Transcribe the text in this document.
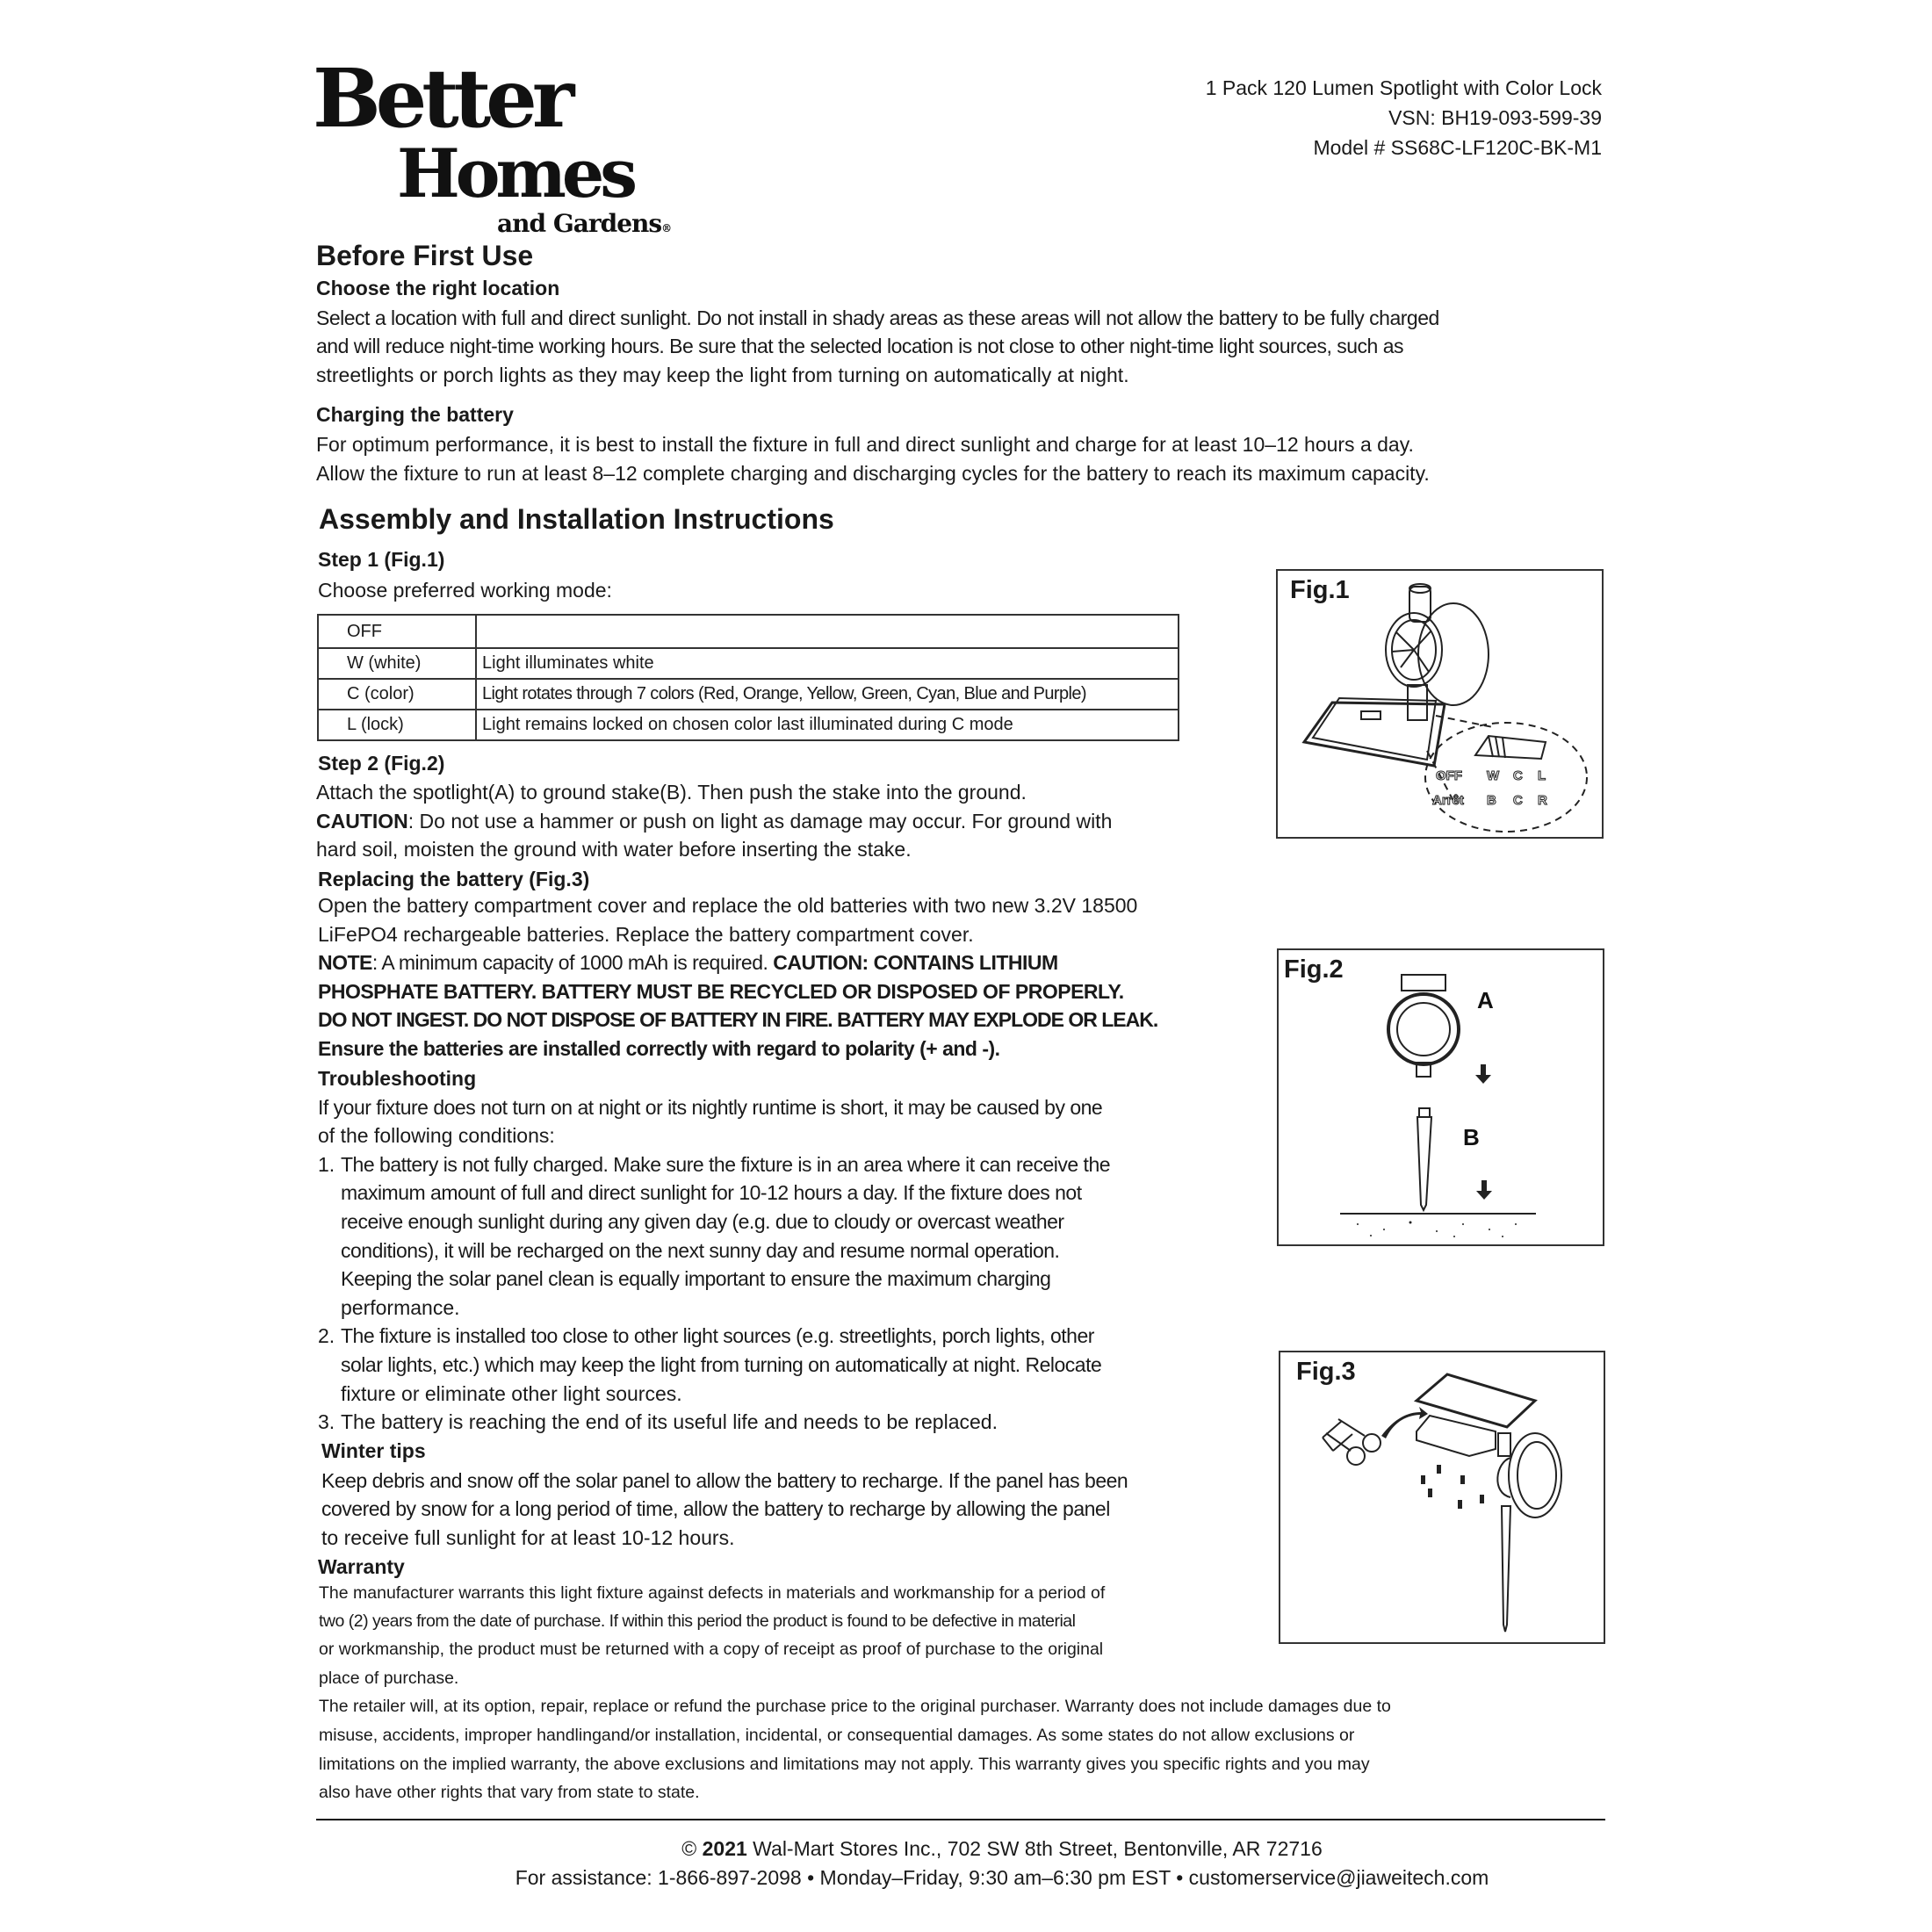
Better
Homes
and Gardens®
1 Pack 120 Lumen Spotlight with Color Lock
VSN: BH19-093-599-39
Model # SS68C-LF120C-BK-M1
Before First Use
Choose the right location
Select a location with full and direct sunlight. Do not install in shady areas as these areas will not allow the battery to be fully charged
and will reduce night-time working hours. Be sure that the selected location is not close to other night-time light sources, such as
streetlights or porch lights as they may keep the light from turning on automatically at night.
Charging the battery
For optimum performance, it is best to install the fixture in full and direct sunlight and charge for at least 10–12 hours a day.
Allow the fixture to run at least 8–12 complete charging and discharging cycles for the battery to reach its maximum capacity.
Assembly and Installation Instructions
Step 1 (Fig.1)
Choose preferred working mode:
OFF	
W (white)	Light illuminates white
C (color)	Light rotates through 7 colors (Red, Orange, Yellow, Green, Cyan, Blue and Purple)
L (lock)	Light remains locked on chosen color last illuminated during C mode
Step 2 (Fig.2)
Attach the spotlight(A) to ground stake(B). Then push the stake into the ground.
CAUTION: Do not use a hammer or push on light as damage may occur. For ground with
hard soil, moisten the ground with water before inserting the stake.
Replacing the battery (Fig.3)
Open the battery compartment cover and replace the old batteries with two new 3.2V 18500
LiFePO4 rechargeable batteries. Replace the battery compartment cover.
NOTE: A minimum capacity of 1000 mAh is required. CAUTION: CONTAINS LITHIUM
PHOSPHATE BATTERY. BATTERY MUST BE RECYCLED OR DISPOSED OF PROPERLY.
DO NOT INGEST. DO NOT DISPOSE OF BATTERY IN FIRE. BATTERY MAY EXPLODE OR LEAK.
Ensure the batteries are installed correctly with regard to polarity (+ and -).
Troubleshooting
If your fixture does not turn on at night or its nightly runtime is short, it may be caused by one
of the following conditions:
1. The battery is not fully charged. Make sure the fixture is in an area where it can receive the
maximum amount of full and direct sunlight for 10-12 hours a day. If the fixture does not
receive enough sunlight during any given day (e.g. due to cloudy or overcast weather
conditions), it will be recharged on the next sunny day and resume normal operation.
Keeping the solar panel clean is equally important to ensure the maximum charging
performance.
2. The fixture is installed too close to other light sources (e.g. streetlights, porch lights, other
solar lights, etc.) which may keep the light from turning on automatically at night. Relocate
fixture or eliminate other light sources.
3. The battery is reaching the end of its useful life and needs to be replaced.
Winter tips
Keep debris and snow off the solar panel to allow the battery to recharge. If the panel has been
covered by snow for a long period of time, allow the battery to recharge by allowing the panel
to receive full sunlight for at least 10-12 hours.
Warranty
The manufacturer warrants this light fixture against defects in materials and workmanship for a period of
two (2) years from the date of purchase. If within this period the product is found to be defective in material
or workmanship, the product must be returned with a copy of receipt as proof of purchase to the original
place of purchase.
The retailer will, at its option, repair, replace or refund the purchase price to the original purchaser. Warranty does not include damages due to
misuse, accidents, improper handlingand/or installation, incidental, or consequential damages. As some states do not allow exclusions or
limitations on the implied warranty, the above exclusions and limitations may not apply. This warranty gives you specific rights and you may
also have other rights that vary from state to state.
Fig.1
OFF W C L
Arrêt B C R
Fig.2
A
B
Fig.3
© 2021 Wal-Mart Stores Inc., 702 SW 8th Street, Bentonville, AR 72716
For assistance: 1-866-897-2098 • Monday–Friday, 9:30 am–6:30 pm EST • customerservice@jiaweitech.com
